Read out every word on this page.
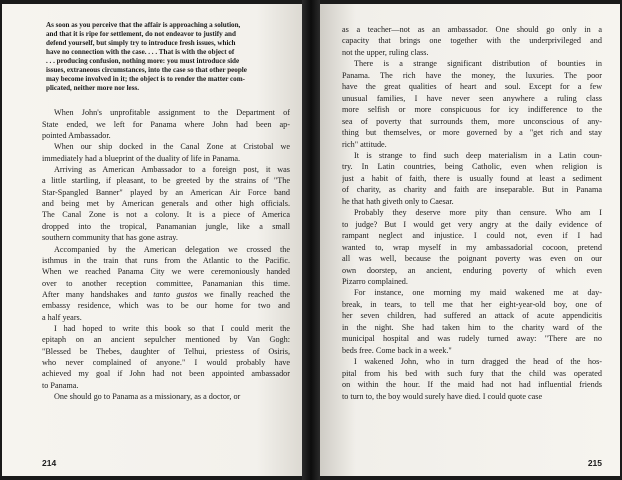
As soon as you perceive that the affair is approaching a solution,
and that it is ripe for settlement, do not endeavor to justify and
defend yourself, but simply try to introduce fresh issues, which
have no connection with the case. . . . That is with the object of
. . . producing confusion, nothing more: you must introduce side
issues, extraneous circumstances, into the case so that other people
may become involved in it; the object is to render the matter com-
plicated, neither more nor less.

When John's unprofitable assignment to the Department of
State ended, we left for Panama where John had been ap-
pointed Ambassador.

When our ship docked in the Canal Zone at Cristobal we
immediately had a blueprint of the duality of life in Panama.

Arriving as American Ambassador to a foreign post, it was
a little startling, if pleasant, to be greeted by the strains of "The
Star-Spangled Banner" played by an American Air Force band
and being met by American generals and other high officials.
The Canal Zone is not a colony. It is a piece of America
dropped into the tropical, Panamanian jungle, like a small
southern community that has gone astray.

Accompanied by the American delegation we crossed the
isthmus in the train that runs from the Atlantic to the Pacific.
When we reached Panama City we were ceremoniously handed
over to another reception committee, Panamanian this time.
After many handshakes and tanto gustos we finally reached the
embassy residence, which was to be our home for two and
a half years.

I had hoped to write this book so that I could merit the
epitaph on an ancient sepulcher mentioned by Van Gogh:
"Blessed be Thebes, daughter of Telhui, priestess of Osiris,
who never complained of anyone." I would probably have
achieved my goal if John had not been appointed ambassador
to Panama.

One should go to Panama as a missionary, as a doctor, or

214

as a teacher—not as an ambassador. One should go only in a
capacity that brings one together with the underprivileged and
not the upper, ruling class.

There is a strange significant distribution of bounties in
Panama. The rich have the money, the luxuries. The poor
have the great qualities of heart and soul. Except for a few
unusual families, I have never seen anywhere a ruling class
more selfish or more conspicuous for icy indifference to the
sea of poverty that surrounds them, more unconscious of any-
thing but themselves, or more governed by a "get rich and stay
rich" attitude.

It is strange to find such deep materialism in a Latin coun-
try. In Latin countries, being Catholic, even when religion is
just a habit of faith, there is usually found at least a sediment
of charity, as charity and faith are inseparable. But in Panama
he that hath giveth only to Caesar.

Probably they deserve more pity than censure. Who am I
to judge? But I would get very angry at the daily evidence of
rampant neglect and injustice. I could not, even if I had
wanted to, wrap myself in my ambassadorial cocoon, pretend
all was well, because the poignant poverty was even on our
own doorstep, an ancient, enduring poverty of which even
Pizarro complained.

For instance, one morning my maid wakened me at day-
break, in tears, to tell me that her eight-year-old boy, one of
her seven children, had suffered an attack of acute appendicitis
in the night. She had taken him to the charity ward of the
municipal hospital and was rudely turned away: "There are no
beds free. Come back in a week."

I wakened John, who in turn dragged the head of the hos-
pital from his bed with such fury that the child was operated
on within the hour. If the maid had not had influential friends
to turn to, the boy would surely have died. I could quote case

215
